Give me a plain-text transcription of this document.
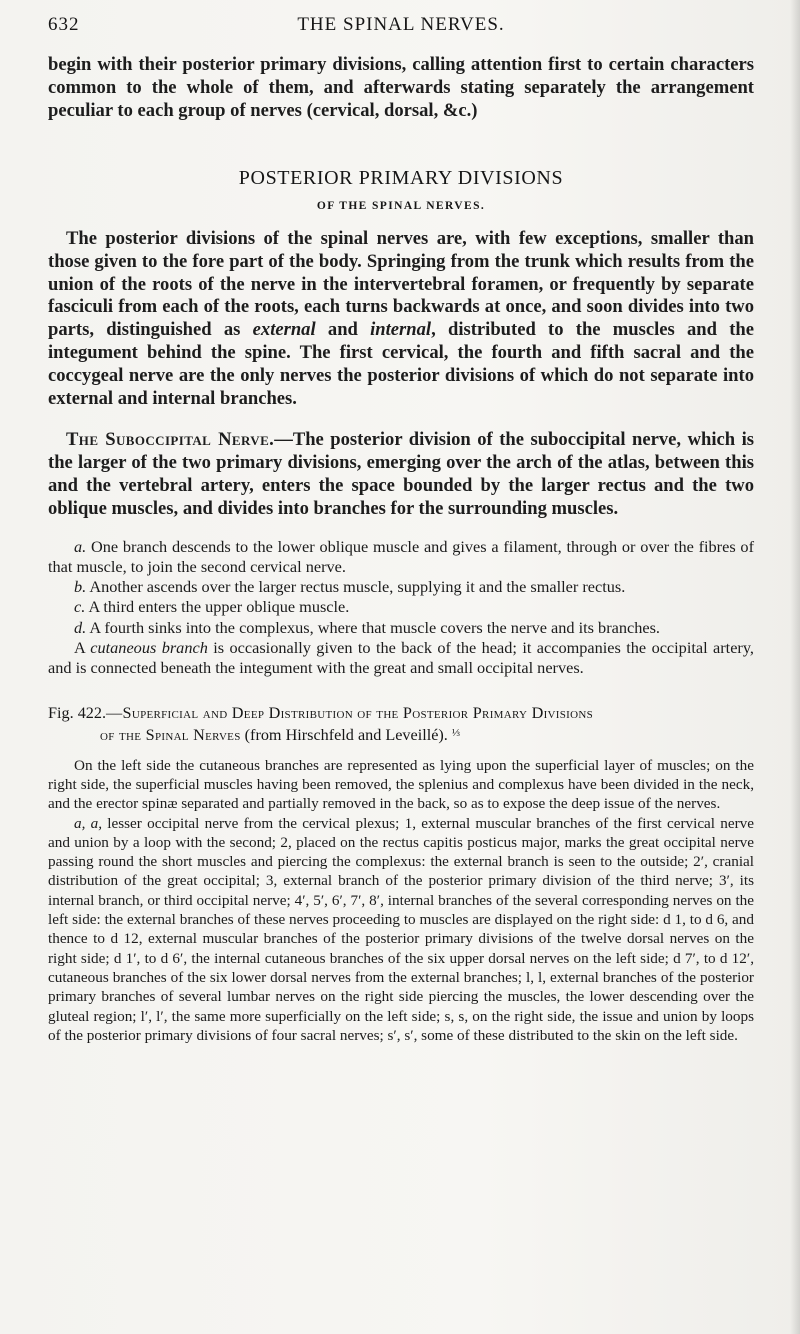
632	THE SPINAL NERVES.

begin with their posterior primary divisions, calling attention first to certain characters common to the whole of them, and afterwards stating separately the arrangement peculiar to each group of nerves (cervical, dorsal, &c.)

POSTERIOR PRIMARY DIVISIONS
OF THE SPINAL NERVES.

The posterior divisions of the spinal nerves are, with few exceptions, smaller than those given to the fore part of the body. Springing from the trunk which results from the union of the roots of the nerve in the intervertebral foramen, or frequently by separate fasciculi from each of the roots, each turns backwards at once, and soon divides into two parts, distinguished as external and internal, distributed to the muscles and the integument behind the spine. The first cervical, the fourth and fifth sacral and the coccygeal nerve are the only nerves the posterior divisions of which do not separate into external and internal branches.

The Suboccipital Nerve.—The posterior division of the suboccipital nerve, which is the larger of the two primary divisions, emerging over the arch of the atlas, between this and the vertebral artery, enters the space bounded by the larger rectus and the two oblique muscles, and divides into branches for the surrounding muscles.

a. One branch descends to the lower oblique muscle and gives a filament, through or over the fibres of that muscle, to join the second cervical nerve.

b. Another ascends over the larger rectus muscle, supplying it and the smaller rectus.

c. A third enters the upper oblique muscle.

d. A fourth sinks into the complexus, where that muscle covers the nerve and its branches.

A cutaneous branch is occasionally given to the back of the head; it accompanies the occipital artery, and is connected beneath the integument with the great and small occipital nerves.

Fig. 422.—Superficial and Deep Distribution of the Posterior Primary Divisions
of the Spinal Nerves (from Hirschfeld and Leveillé). $^{\frac{1}{3}}$

On the left side the cutaneous branches are represented as lying upon the superficial layer of muscles; on the right side, the superficial muscles having been removed, the splenius and complexus have been divided in the neck, and the erector spinæ separated and partially removed in the back, so as to expose the deep issue of the nerves.

a, a, lesser occipital nerve from the cervical plexus; 1, external muscular branches of the first cervical nerve and union by a loop with the second; 2, placed on the rectus capitis posticus major, marks the great occipital nerve passing round the short muscles and piercing the complexus: the external branch is seen to the outside; 2′, cranial distribution of the great occipital; 3, external branch of the posterior primary division of the third nerve; 3′, its internal branch, or third occipital nerve; 4′, 5′, 6′, 7′, 8′, internal branches of the several corresponding nerves on the left side: the external branches of these nerves proceeding to muscles are displayed on the right side: d 1, to d 6, and thence to d 12, external muscular branches of the posterior primary divisions of the twelve dorsal nerves on the right side; d 1′, to d 6′, the internal cutaneous branches of the six upper dorsal nerves on the left side; d 7′, to d 12′, cutaneous branches of the six lower dorsal nerves from the external branches; l, l, external branches of the posterior primary branches of several lumbar nerves on the right side piercing the muscles, the lower descending over the gluteal region; l′, l′, the same more superficially on the left side; s, s, on the right side, the issue and union by loops of the posterior primary divisions of four sacral nerves; s′, s′, some of these distributed to the skin on the left side.
